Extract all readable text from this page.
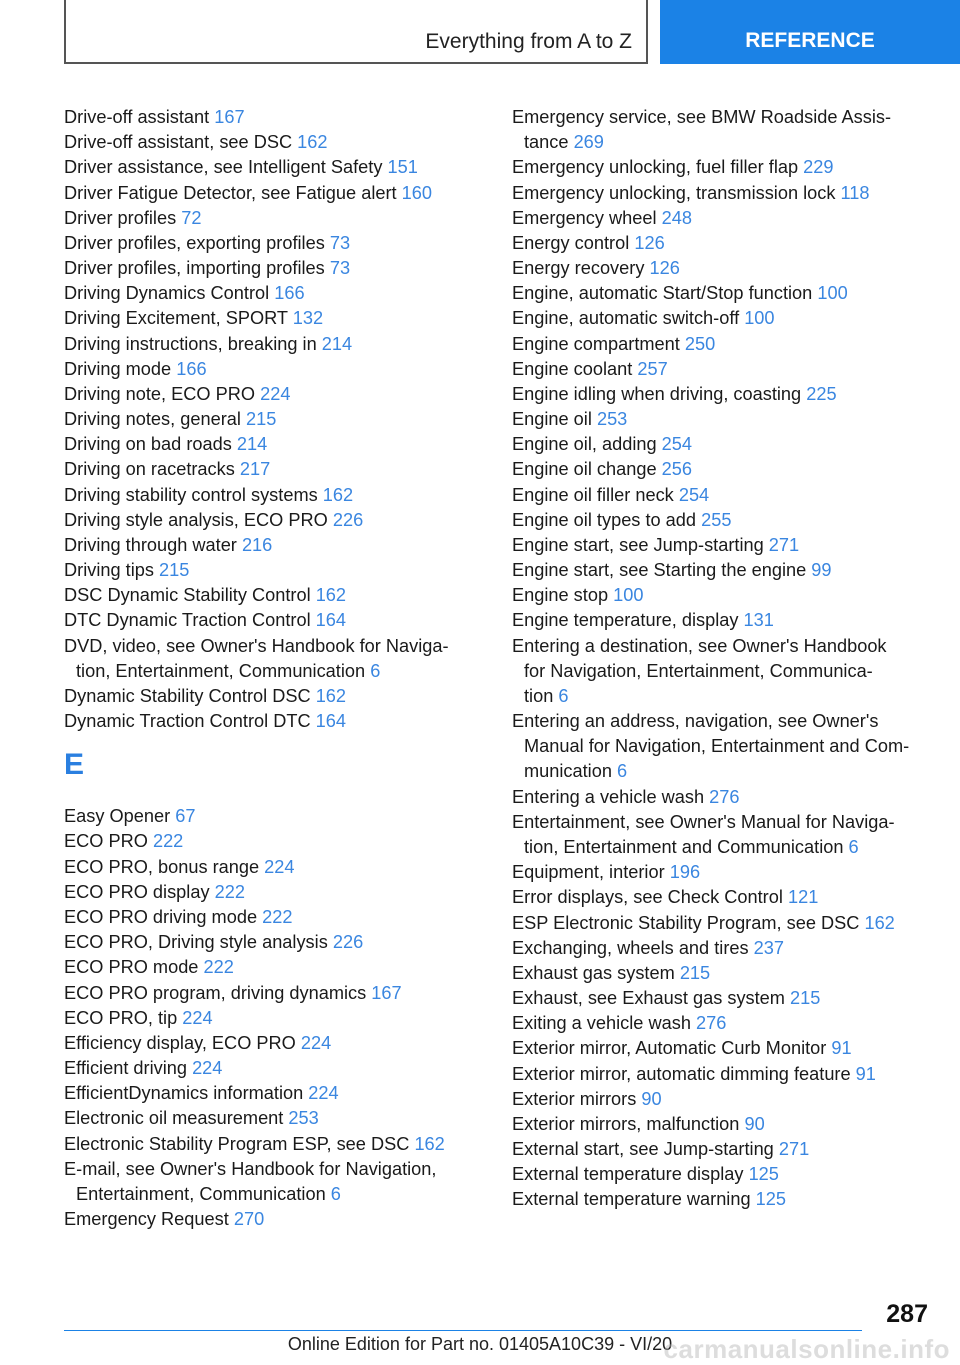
Everything from A to Z	REFERENCE
Drive-off assistant 167
Drive-off assistant, see DSC 162
Driver assistance, see Intelligent Safety 151
Driver Fatigue Detector, see Fatigue alert 160
Driver profiles 72
Driver profiles, exporting profiles 73
Driver profiles, importing profiles 73
Driving Dynamics Control 166
Driving Excitement, SPORT 132
Driving instructions, breaking in 214
Driving mode 166
Driving note, ECO PRO 224
Driving notes, general 215
Driving on bad roads 214
Driving on racetracks 217
Driving stability control systems 162
Driving style analysis, ECO PRO 226
Driving through water 216
Driving tips 215
DSC Dynamic Stability Control 162
DTC Dynamic Traction Control 164
DVD, video, see Owner's Handbook for Naviga-
tion, Entertainment, Communication 6
Dynamic Stability Control DSC 162
Dynamic Traction Control DTC 164
E
Easy Opener 67
ECO PRO 222
ECO PRO, bonus range 224
ECO PRO display 222
ECO PRO driving mode 222
ECO PRO, Driving style analysis 226
ECO PRO mode 222
ECO PRO program, driving dynamics 167
ECO PRO, tip 224
Efficiency display, ECO PRO 224
Efficient driving 224
EfficientDynamics information 224
Electronic oil measurement 253
Electronic Stability Program ESP, see DSC 162
E-mail, see Owner's Handbook for Navigation,
Entertainment, Communication 6
Emergency Request 270
Emergency service, see BMW Roadside Assis-
tance 269
Emergency unlocking, fuel filler flap 229
Emergency unlocking, transmission lock 118
Emergency wheel 248
Energy control 126
Energy recovery 126
Engine, automatic Start/Stop function 100
Engine, automatic switch-off 100
Engine compartment 250
Engine coolant 257
Engine idling when driving, coasting 225
Engine oil 253
Engine oil, adding 254
Engine oil change 256
Engine oil filler neck 254
Engine oil types to add 255
Engine start, see Jump-starting 271
Engine start, see Starting the engine 99
Engine stop 100
Engine temperature, display 131
Entering a destination, see Owner's Handbook
for Navigation, Entertainment, Communica-
tion 6
Entering an address, navigation, see Owner's
Manual for Navigation, Entertainment and Com-
munication 6
Entering a vehicle wash 276
Entertainment, see Owner's Manual for Naviga-
tion, Entertainment and Communication 6
Equipment, interior 196
Error displays, see Check Control 121
ESP Electronic Stability Program, see DSC 162
Exchanging, wheels and tires 237
Exhaust gas system 215
Exhaust, see Exhaust gas system 215
Exiting a vehicle wash 276
Exterior mirror, Automatic Curb Monitor 91
Exterior mirror, automatic dimming feature 91
Exterior mirrors 90
Exterior mirrors, malfunction 90
External start, see Jump-starting 271
External temperature display 125
External temperature warning 125
287
Online Edition for Part no. 01405A10C39 - VI/20
carmanualsonline.info
